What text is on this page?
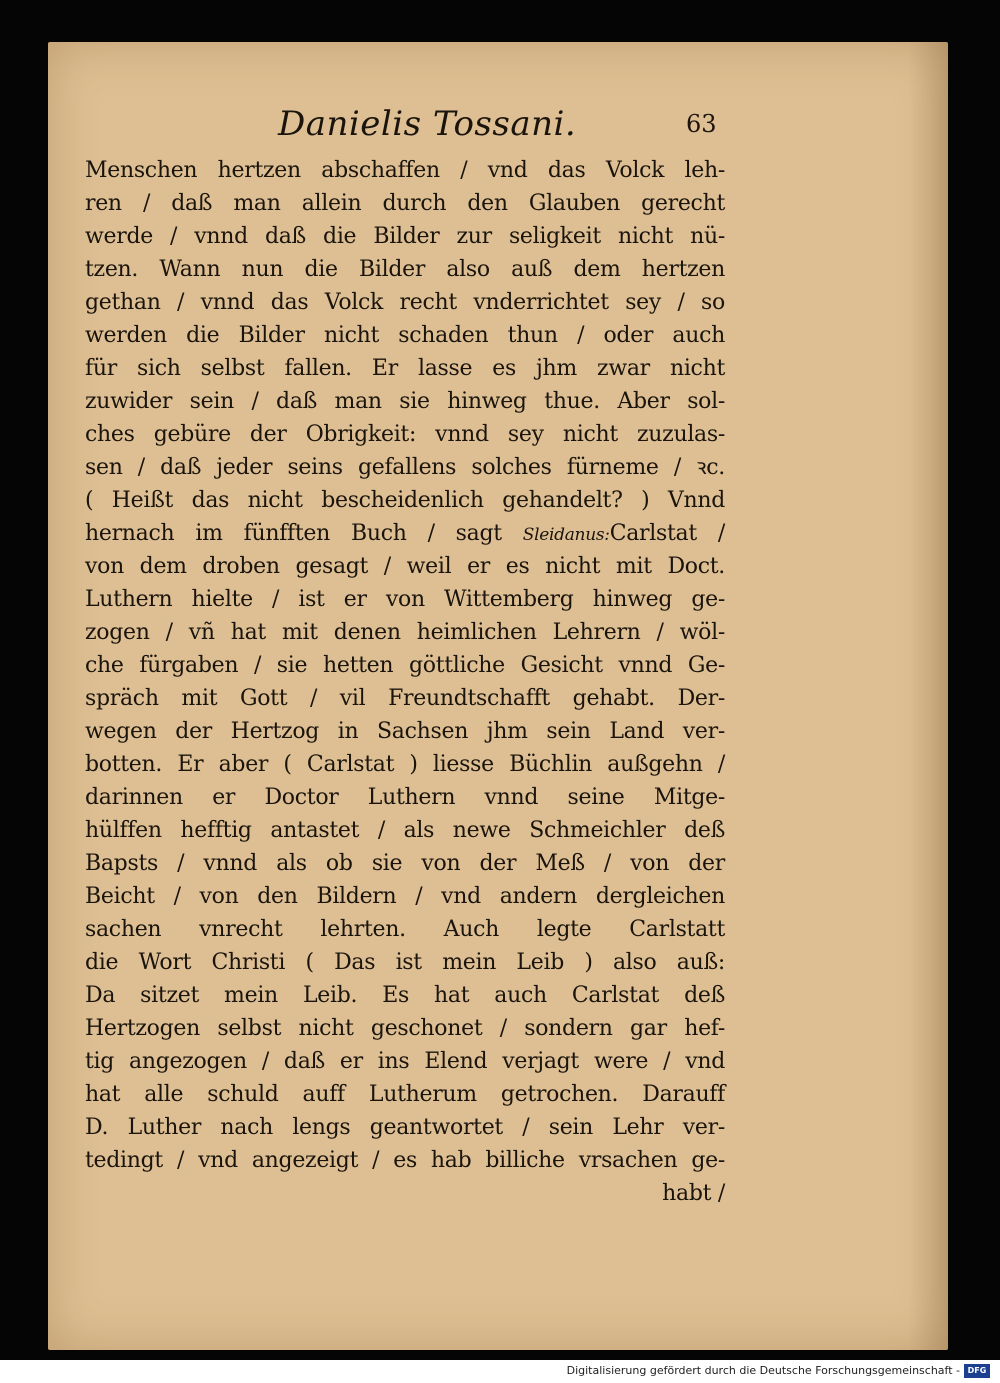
Danielis Tossani.	63
Menschen hertzen abschaffen / vnd das Volck leh-
ren / daß man allein durch den Glauben gerecht
werde / vnnd daß die Bilder zur seligkeit nicht nü-
tzen. Wann nun die Bilder also auß dem hertzen
gethan / vnnd das Volck recht vnderrichtet sey / so
werden die Bilder nicht schaden thun / oder auch
für sich selbst fallen. Er lasse es jhm zwar nicht
zuwider sein / daß man sie hinweg thue. Aber sol-
ches gebüre der Obrigkeit: vnnd sey nicht zuzulas-
sen / daß jeder seins gefallens solches fürneme / ꝛc.
( Heißt das nicht bescheidenlich gehandelt? ) Vnnd
hernach im fünfften Buch / sagt Sleidanus:Carlstat /
von dem droben gesagt / weil er es nicht mit Doct.
Luthern hielte / ist er von Wittemberg hinweg ge-
zogen / vñ hat mit denen heimlichen Lehrern / wöl-
che fürgaben / sie hetten göttliche Gesicht vnnd Ge-
spräch mit Gott / vil Freundtschafft gehabt. Der-
wegen der Hertzog in Sachsen jhm sein Land ver-
botten. Er aber ( Carlstat ) liesse Büchlin außgehn /
darinnen er Doctor Luthern vnnd seine Mitge-
hülffen hefftig antastet / als newe Schmeichler deß
Bapsts / vnnd als ob sie von der Meß / von der
Beicht / von den Bildern / vnd andern dergleichen
sachen vnrecht lehrten. Auch legte Carlstatt
die Wort Christi ( Das ist mein Leib ) also auß:
Da sitzet mein Leib. Es hat auch Carlstat deß
Hertzogen selbst nicht geschonet / sondern gar hef-
tig angezogen / daß er ins Elend verjagt were / vnd
hat alle schuld auff Lutherum getrochen. Darauff
D. Luther nach lengs geantwortet / sein Lehr ver-
tedingt / vnd angezeigt / es hab billiche vrsachen ge-
habt /
Digitalisierung gefördert durch die Deutsche Forschungsgemeinschaft - DFG
